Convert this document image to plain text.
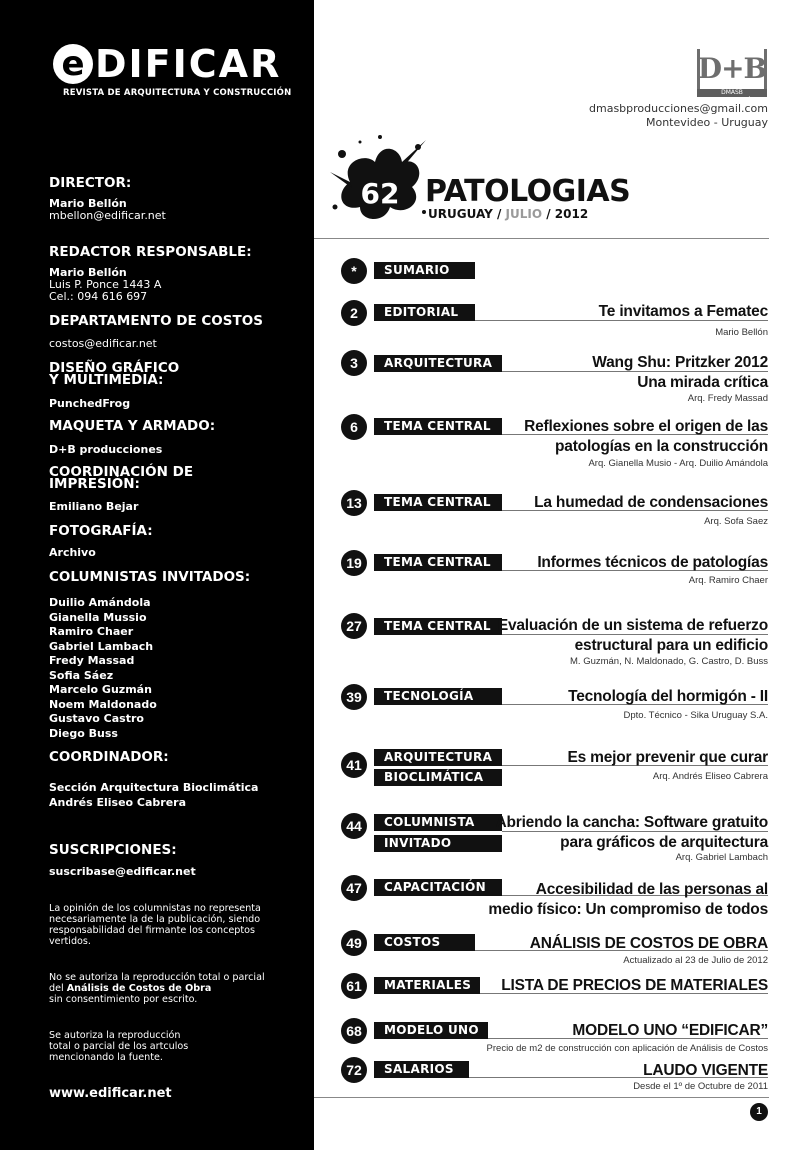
e DIFICAR
REVISTA DE ARQUITECTURA Y CONSTRUCCIÓN
DIRECTOR:
Mario Bellón
mbellon@edificar.net
REDACTOR RESPONSABLE:
Mario Bellón
Luis P. Ponce 1443 A
Cel.: 094 616 697
DEPARTAMENTO DE COSTOS
costos@edificar.net
DISEÑO GRÁFICO
Y MULTIMEDIA:
PunchedFrog
MAQUETA Y ARMADO:
D+B producciones
COORDINACIÓN DE
IMPRESIÓN:
Emiliano Bejar
FOTOGRAFÍA:
Archivo
COLUMNISTAS INVITADOS:
Duilio Amándola
Gianella Mussio
Ramiro Chaer
Gabriel Lambach
Fredy Massad
Sofia Sáez
Marcelo Guzmán
Noem Maldonado
Gustavo Castro
Diego Buss
COORDINADOR:
Sección Arquitectura Bioclimática
Andrés Eliseo Cabrera
SUSCRIPCIONES:
suscribase@edificar.net
La opinión de los columnistas no representa
necesariamente la de la publicación, siendo
responsabilidad del firmante los conceptos
vertidos.
No se autoriza la reproducción total o parcial
del Análisis de Costos de Obra
sin consentimiento por escrito.
Se autoriza la reproducción
total o parcial de los artculos
mencionando la fuente.
www.edificar.net
D+B
DMASB COMUNICACIÓN
dmasbproducciones@gmail.com
Montevideo - Uruguay
62 PATOLOGIAS
URUGUAY / JULIO / 2012
*	SUMARIO
2	EDITORIAL	Te invitamos a Fematec
Mario Bellón
3	ARQUITECTURA	Wang Shu: Pritzker 2012
Una mirada crítica
Arq. Fredy Massad
6	TEMA CENTRAL	Reflexiones sobre el origen de las
patologías en la construcción
Arq. Gianella Musio - Arq. Duilio Amándola
13	TEMA CENTRAL	La humedad de condensaciones
Arq. Sofa Saez
19	TEMA CENTRAL	Informes técnicos de patologías
Arq. Ramiro Chaer
27	TEMA CENTRAL Evaluación de un sistema de refuerzo
estructural para un edificio
M. Guzmán, N. Maldonado, G. Castro, D. Buss
39	TECNOLOGÍA	Tecnología del hormigón - II
Dpto. Técnico - Sika Uruguay S.A.
41	ARQUITECTURA
BIOCLIMÁTICA
Es mejor prevenir que curar
Arq. Andrés Eliseo Cabrera
44	COLUMNISTA
INVITADO
Abriendo la cancha: Software gratuito
para gráficos de arquitectura
Arq. Gabriel Lambach
47	CAPACITACIÓN	Accesibilidad de las personas al
medio físico: Un compromiso de todos
49	COSTOS	ANÁLISIS DE COSTOS DE OBRA
Actualizado al 23 de Julio de 2012
61	MATERIALES	LISTA DE PRECIOS DE MATERIALES
68	MODELO UNO	MODELO UNO “EDIFICAR”
Precio de m2 de construcción con aplicación de Análisis de Costos
72	SALARIOS	LAUDO VIGENTE
Desde el 1º de Octubre de 2011
1
